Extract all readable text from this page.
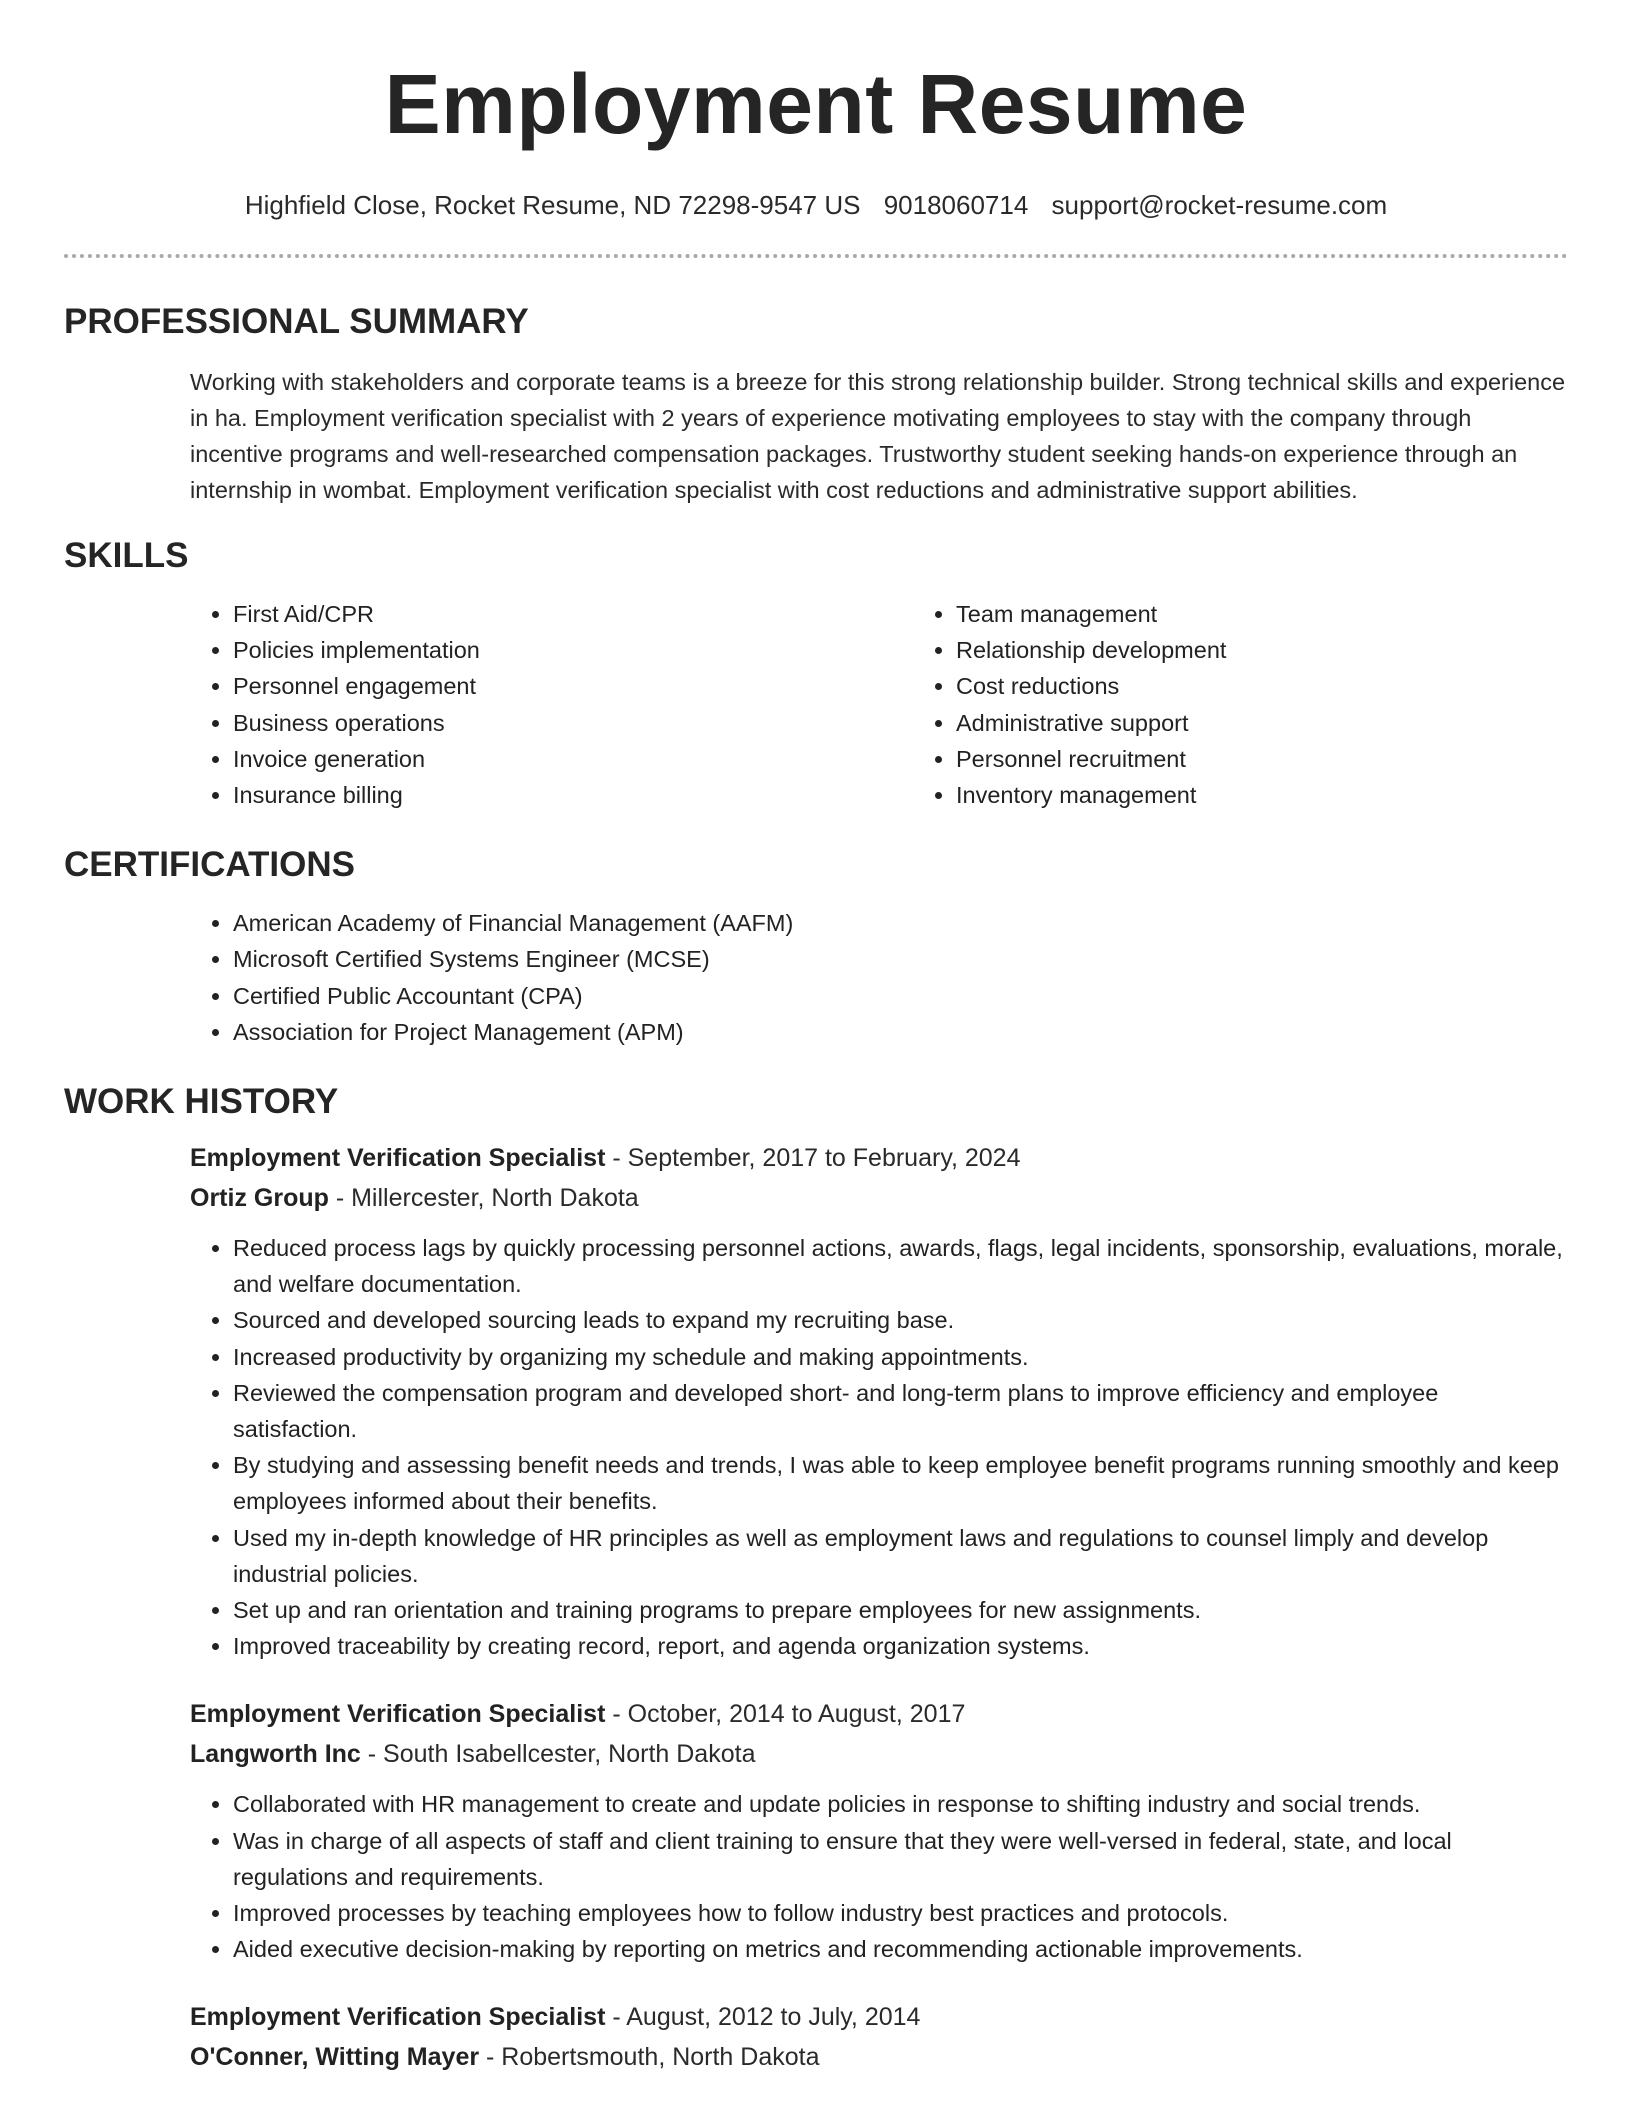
Employment Resume
Highfield Close, Rocket Resume, ND 72298-9547 US 9018060714 support@rocket-resume.com
PROFESSIONAL SUMMARY

Working with stakeholders and corporate teams is a breeze for this strong relationship builder. Strong technical skills and experience in ha. Employment verification specialist with 2 years of experience motivating employees to stay with the company through incentive programs and well-researched compensation packages. Trustworthy student seeking hands-on experience through an internship in wombat. Employment verification specialist with cost reductions and administrative support abilities.

SKILLS
• First Aid/CPR
• Policies implementation
• Personnel engagement
• Business operations
• Invoice generation
• Insurance billing
• Team management
• Relationship development
• Cost reductions
• Administrative support
• Personnel recruitment
• Inventory management
CERTIFICATIONS
• American Academy of Financial Management (AAFM)
• Microsoft Certified Systems Engineer (MCSE)
• Certified Public Accountant (CPA)
• Association for Project Management (APM)
WORK HISTORY
Employment Verification Specialist - September, 2017 to February, 2024
Ortiz Group - Millercester, North Dakota
• Reduced process lags by quickly processing personnel actions, awards, flags, legal incidents, sponsorship, evaluations, morale, and welfare documentation.
• Sourced and developed sourcing leads to expand my recruiting base.
• Increased productivity by organizing my schedule and making appointments.
• Reviewed the compensation program and developed short- and long-term plans to improve efficiency and employee satisfaction.
• By studying and assessing benefit needs and trends, I was able to keep employee benefit programs running smoothly and keep employees informed about their benefits.
• Used my in-depth knowledge of HR principles as well as employment laws and regulations to counsel limply and develop industrial policies.
• Set up and ran orientation and training programs to prepare employees for new assignments.
• Improved traceability by creating record, report, and agenda organization systems.
Employment Verification Specialist - October, 2014 to August, 2017
Langworth Inc - South Isabellcester, North Dakota
• Collaborated with HR management to create and update policies in response to shifting industry and social trends.
• Was in charge of all aspects of staff and client training to ensure that they were well-versed in federal, state, and local regulations and requirements.
• Improved processes by teaching employees how to follow industry best practices and protocols.
• Aided executive decision-making by reporting on metrics and recommending actionable improvements.
Employment Verification Specialist - August, 2012 to July, 2014
O'Conner, Witting Mayer - Robertsmouth, North Dakota
